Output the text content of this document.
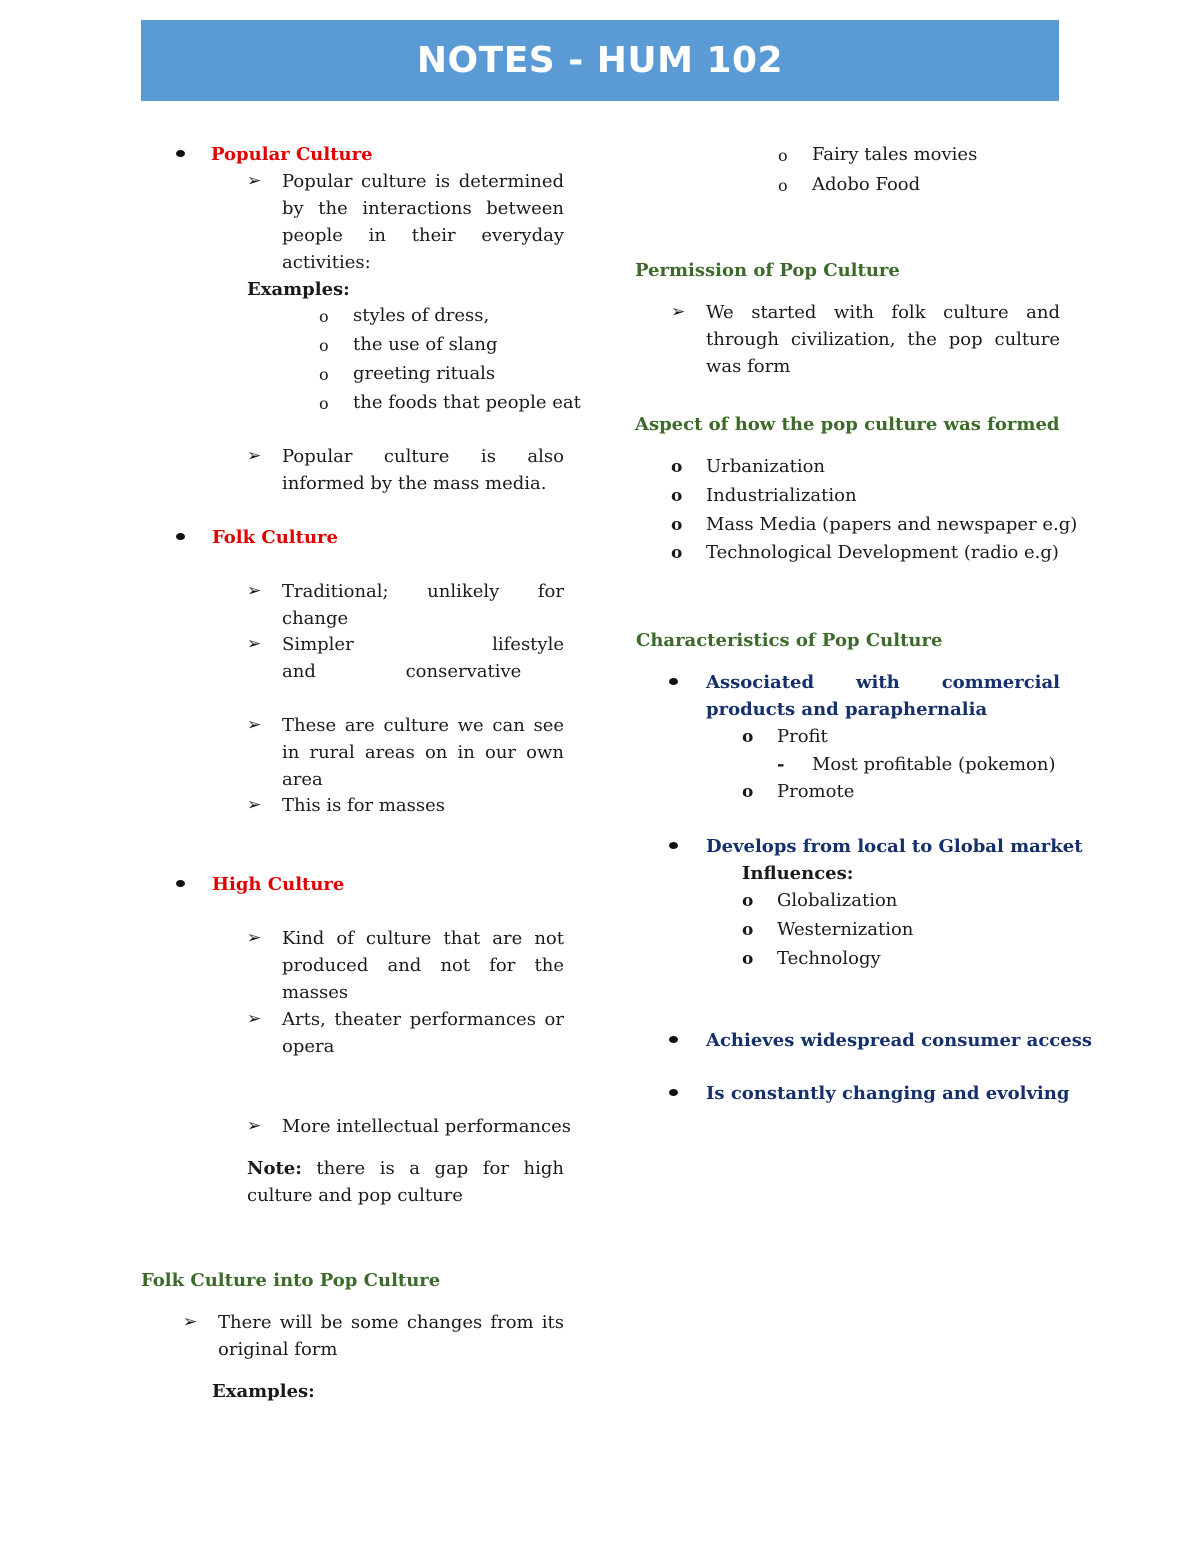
NOTES - HUM 102
Popular Culture
➢ Popular culture is determined by the interactions between people in their everyday activities:
Examples:
o styles of dress,
o the use of slang
o greeting rituals
o the foods that people eat
➢ Popular culture is also informed by the mass media.
Folk Culture
➢ Traditional; unlikely for change
➢ Simpler lifestyle and conservative
➢ These are culture we can see in rural areas on in our own area
➢ This is for masses
High Culture
➢ Kind of culture that are not produced and not for the masses
➢ Arts, theater performances or opera
➢ More intellectual performances
Note: there is a gap for high culture and pop culture
Folk Culture into Pop Culture
➢ There will be some changes from its original form
Examples:
o Fairy tales movies
o Adobo Food
Permission of Pop Culture
➢ We started with folk culture and through civilization, the pop culture was form
Aspect of how the pop culture was formed
o Urbanization
o Industrialization
o Mass Media (papers and newspaper e.g)
o Technological Development (radio e.g)
Characteristics of Pop Culture
Associated with commercial products and paraphernalia
o Profit
- Most profitable (pokemon)
o Promote
Develops from local to Global market
Influences:
o Globalization
o Westernization
o Technology
Achieves widespread consumer access
Is constantly changing and evolving
